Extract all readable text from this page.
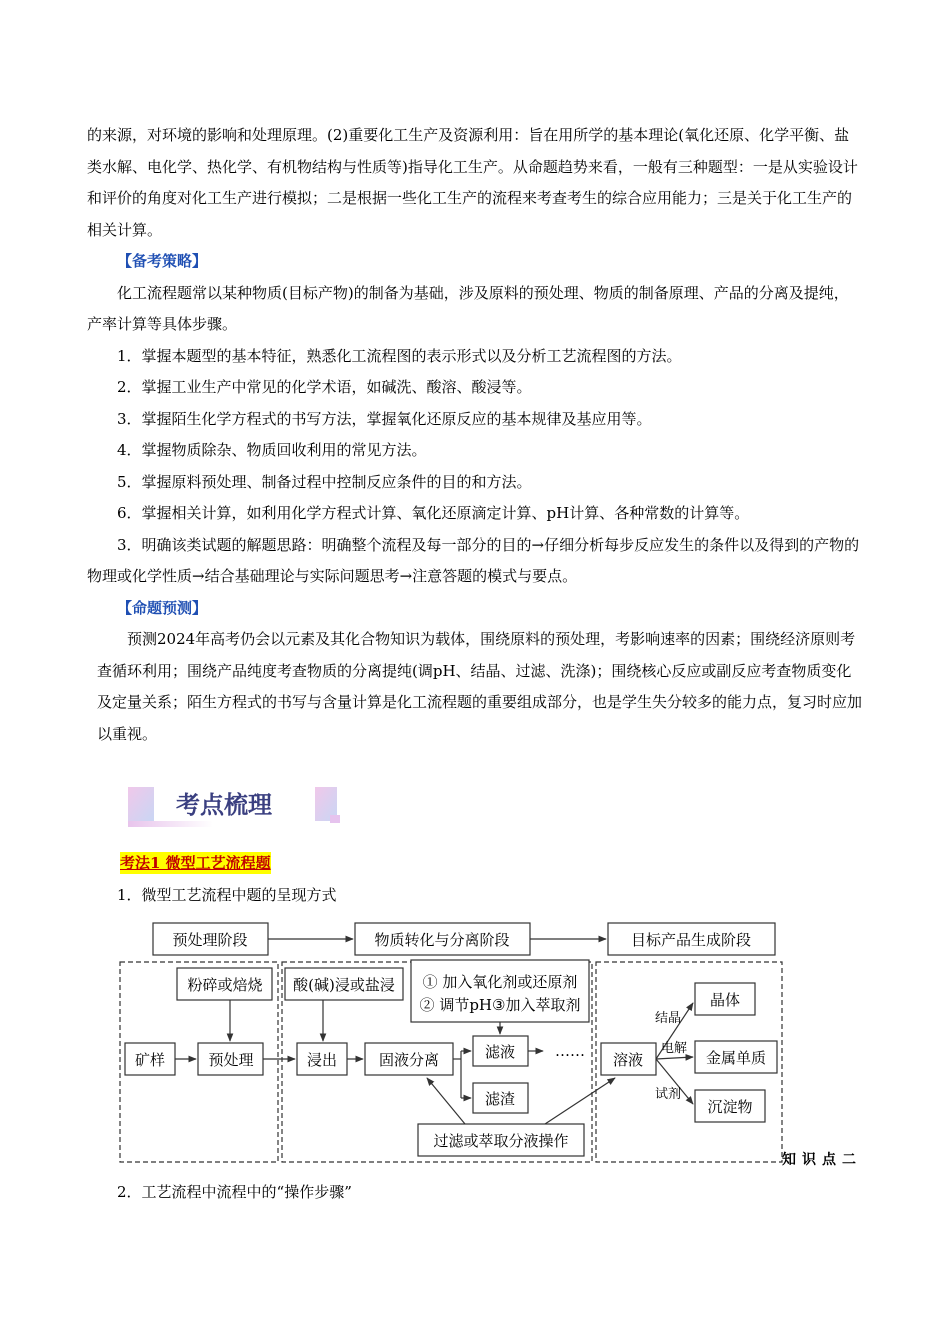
的来源，对环境的影响和处理原理。(2)重要化工生产及资源利用：旨在用所学的基本理论(氧化还原、化学平衡、盐类水解、电化学、热化学、有机物结构与性质等)指导化工生产。从命题趋势来看，一般有三种题型：一是从实验设计和评价的角度对化工生产进行模拟；二是根据一些化工生产的流程来考查考生的综合应用能力；三是关于化工生产的相关计算。

【备考策略】

化工流程题常以某种物质(目标产物)的制备为基础，涉及原料的预处理、物质的制备原理、产品的分离及提纯，产率计算等具体步骤。

1．掌握本题型的基本特征，熟悉化工流程图的表示形式以及分析工艺流程图的方法。

2．掌握工业生产中常见的化学术语，如碱洗、酸溶、酸浸等。

3．掌握陌生化学方程式的书写方法，掌握氧化还原反应的基本规律及基应用等。

4．掌握物质除杂、物质回收利用的常见方法。

5．掌握原料预处理、制备过程中控制反应条件的目的和方法。

6．掌握相关计算，如利用化学方程式计算、氧化还原滴定计算、pH计算、各种常数的计算等。

3．明确该类试题的解题思路：明确整个流程及每一部分的目的→仔细分析每步反应发生的条件以及得到的产物的物理或化学性质→结合基础理论与实际问题思考→注意答题的模式与要点。

【命题预测】

预测2024年高考仍会以元素及其化合物知识为载体，围绕原料的预处理，考影响速率的因素；围绕经济原则考查循环利用；围绕产品纯度考查物质的分离提纯(调pH、结晶、过滤、洗涤)；围绕核心反应或副反应考查物质变化及定量关系；陌生方程式的书写与含量计算是化工流程题的重要组成部分，也是学生失分较多的能力点，复习时应加以重视。

考点梳理
考法1 微型工艺流程题
1．微型工艺流程中题的呈现方式
预处理阶段	物质转化与分离阶段	目标产品生成阶段
粉碎或焙烧 酸(碱)浸或盐浸 ① 加入氧化剂或还原剂
② 调节pH③加入萃取剂
矿样	预处理	浸出	固液分离	滤液
滤渣
……
过滤或萃取分液操作
溶液
晶体
金属单质
沉淀物
结晶
电解
试剂
知识点二
2．工艺流程中流程中的“操作步骤”
